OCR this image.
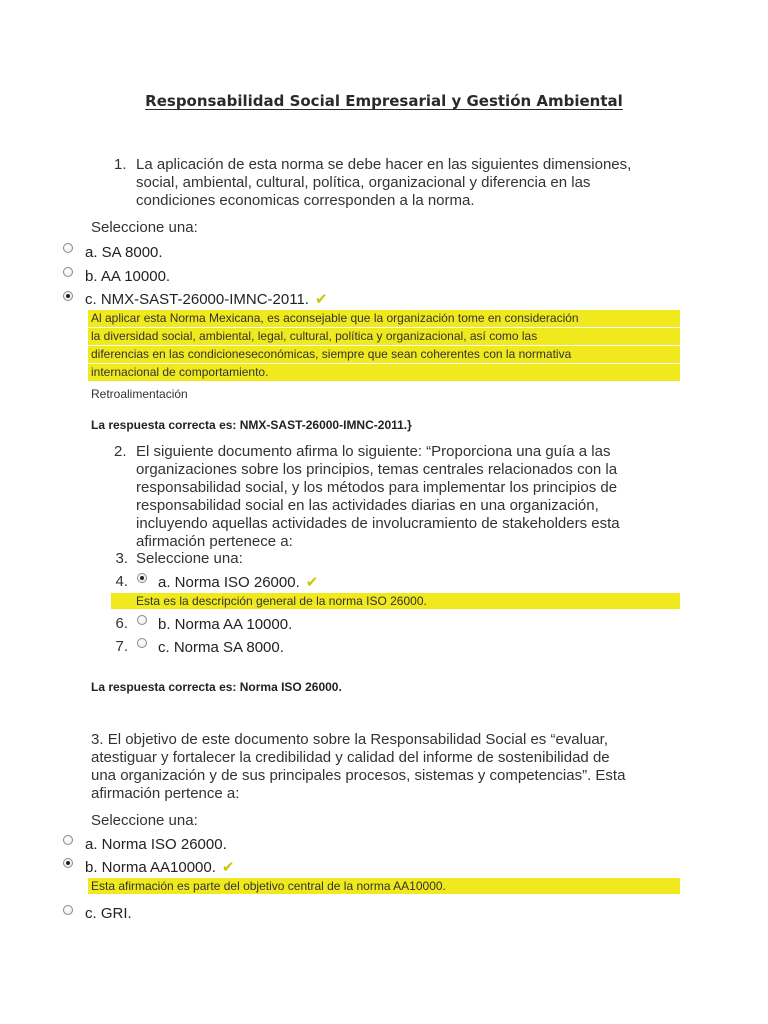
Responsabilidad Social Empresarial y Gestión Ambiental
1. La aplicación de esta norma se debe hacer en las siguientes dimensiones,
social, ambiental, cultural, política, organizacional y diferencia en las
condiciones economicas corresponden a la norma.
Seleccione una:
a. SA 8000.
b. AA 10000.
c. NMX-SAST-26000-IMNC-2011. ✔
Al aplicar esta Norma Mexicana, es aconsejable que la organización tome en consideración
la diversidad social, ambiental, legal, cultural, política y organizacional, así como las
diferencias en las condicioneseconómicas, siempre que sean coherentes con la normativa
internacional de comportamiento.
Retroalimentación
La respuesta correcta es: NMX-SAST-26000-IMNC-2011.}
2. El siguiente documento afirma lo siguiente: “Proporciona una guía a las
organizaciones sobre los principios, temas centrales relacionados con la
responsabilidad social, y los métodos para implementar los principios de
responsabilidad social en las actividades diarias en una organización,
incluyendo aquellas actividades de involucramiento de stakeholders esta
afirmación pertenece a:
3. Seleccione una:
4. a. Norma ISO 26000. ✔
Esta es la descripción general de la norma ISO 26000.
6. b. Norma AA 10000.
7. c. Norma SA 8000.
La respuesta correcta es: Norma ISO 26000.
3. El objetivo de este documento sobre la Responsabilidad Social es “evaluar,
atestiguar y fortalecer la credibilidad y calidad del informe de sostenibilidad de
una organización y de sus principales procesos, sistemas y competencias”. Esta
afirmación pertence a:
Seleccione una:
a. Norma ISO 26000.
b. Norma AA10000. ✔
Esta afirmación es parte del objetivo central de la norma AA10000.
c. GRI.
